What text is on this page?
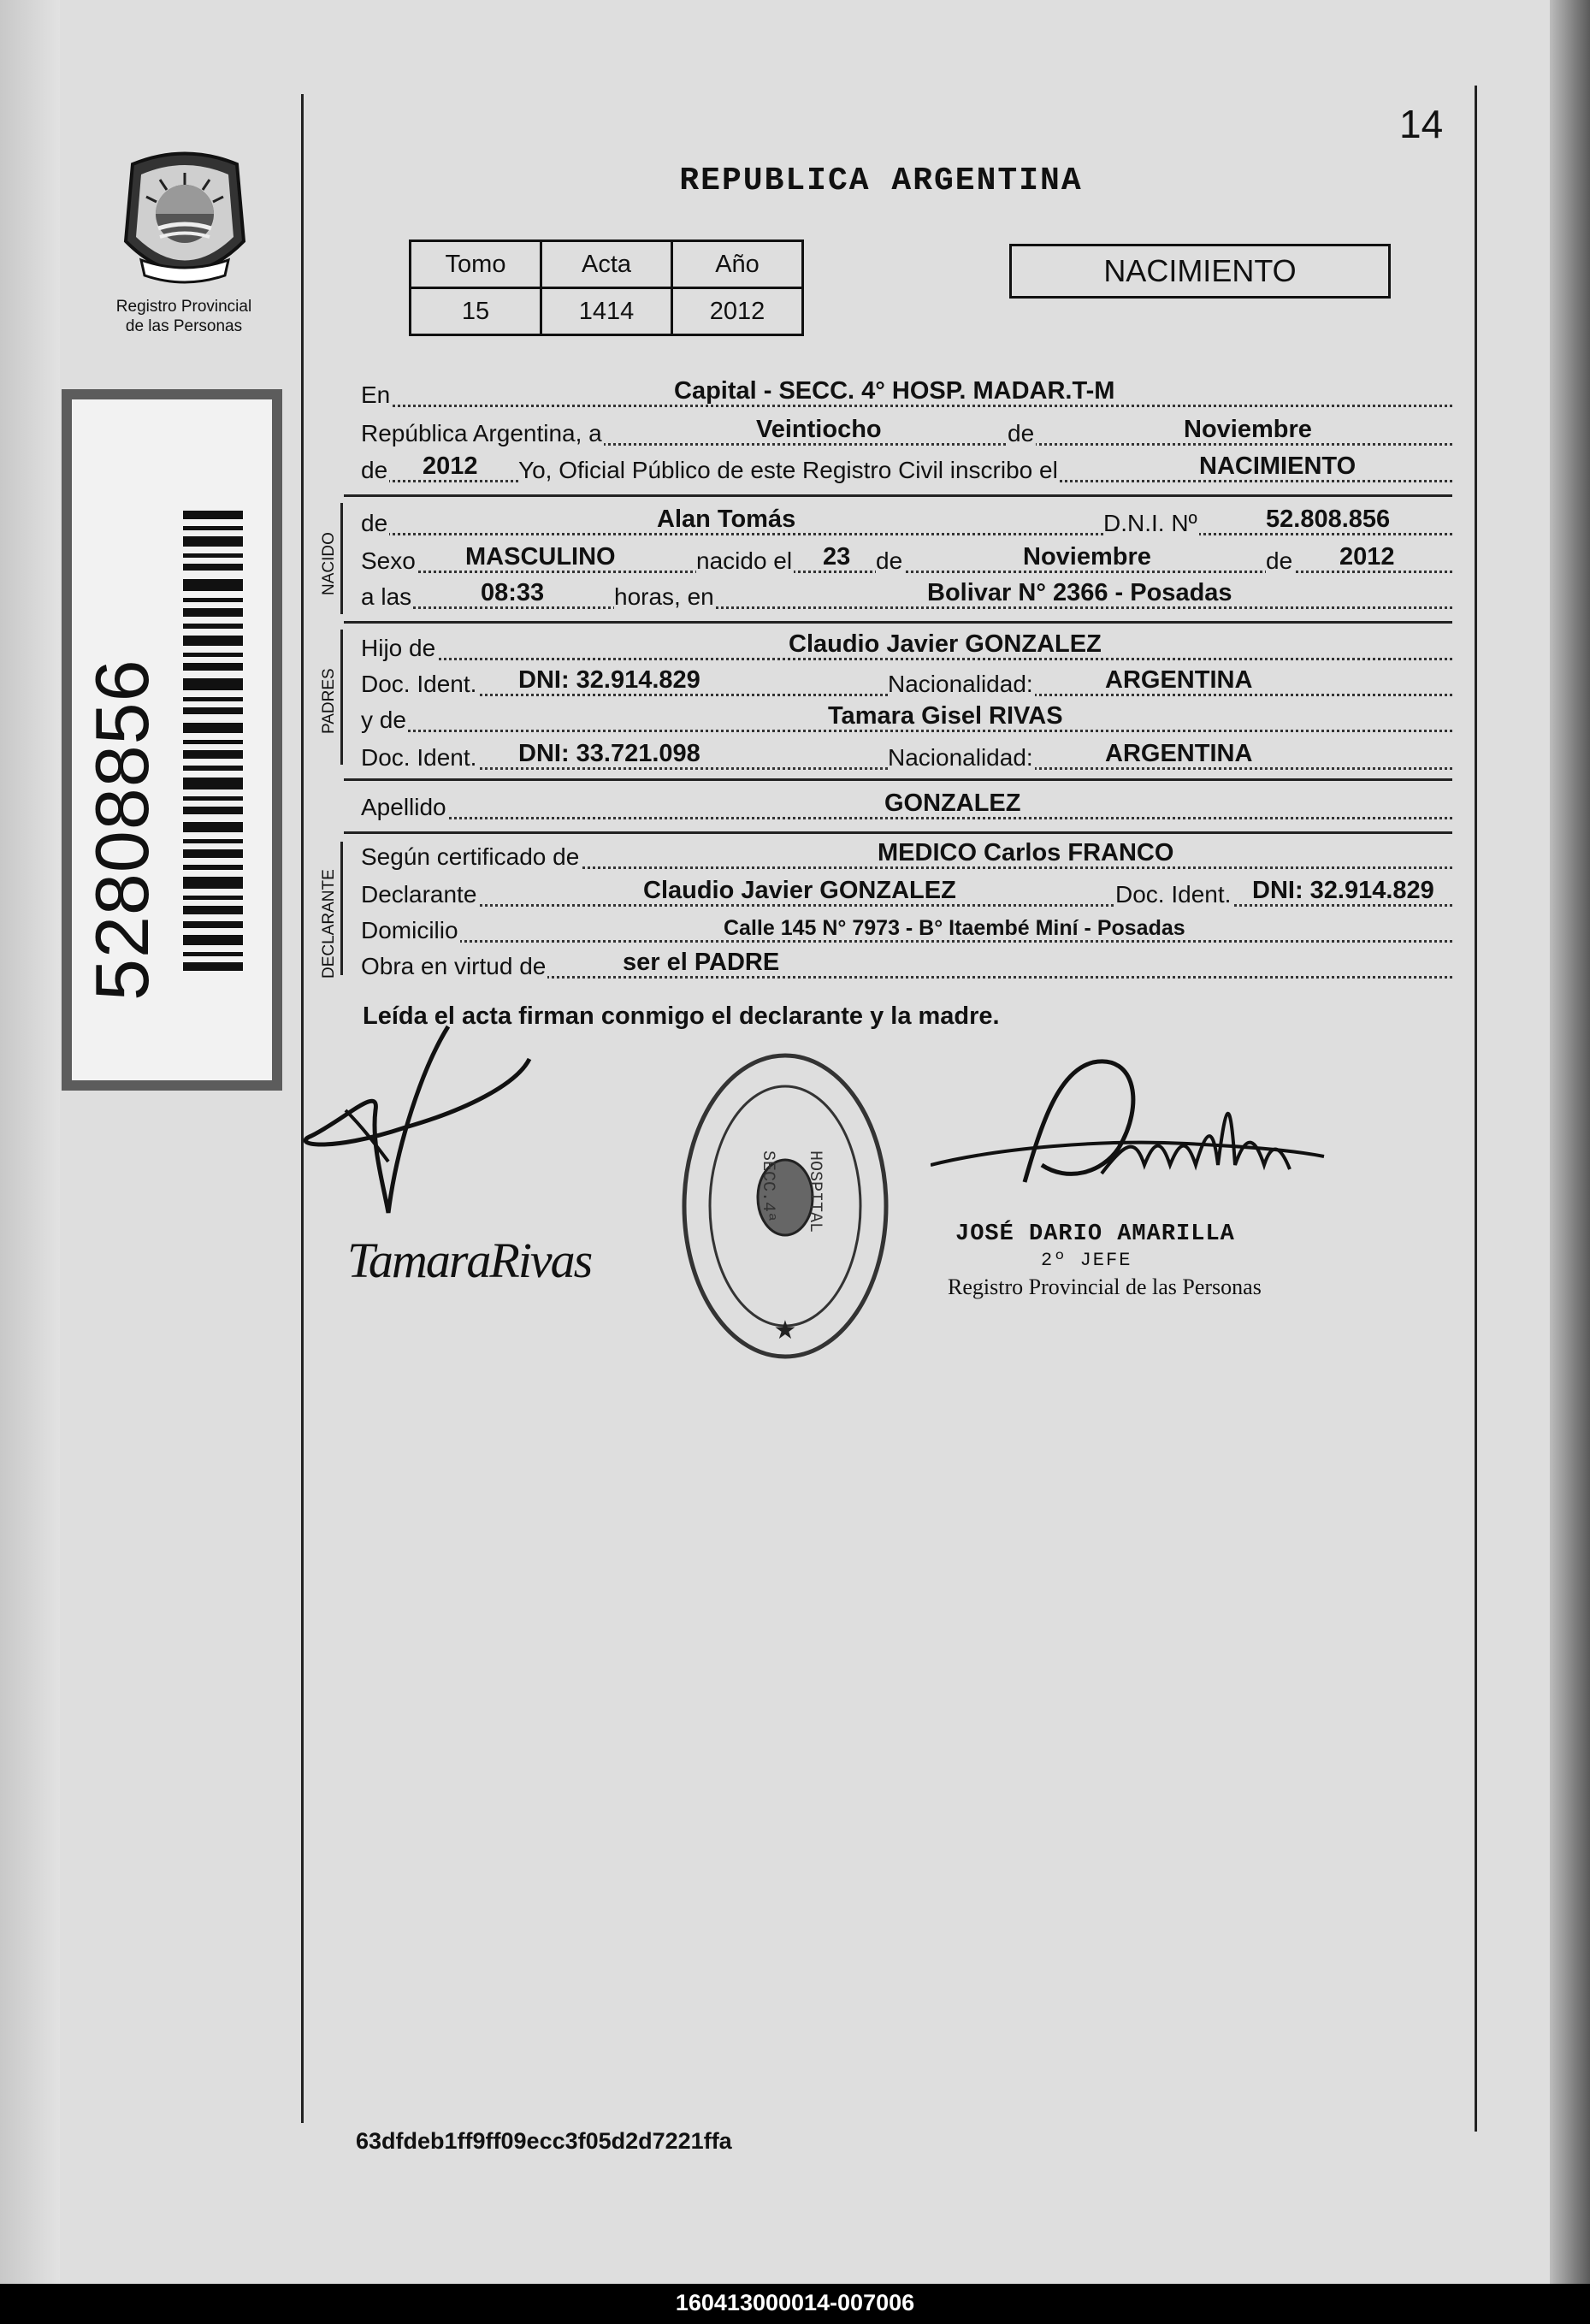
14
Registro Provincial
de las Personas
52808856
REPUBLICA ARGENTINA
Tomo	Acta	Año
15	1414	2012
NACIMIENTO
En	Capital - SECC. 4° HOSP. MADAR.T-M
República Argentina, a	Veintiocho	de	Noviembre
de 2012 Yo, Oficial Público de este Registro Civil inscribo el	NACIMIENTO
NACIDO
de	Alan Tomás	D.N.I. Nº	52.808.856
Sexo MASCULINO	nacido el 23 de	Noviembre	de 2012
a las	08:33	horas, en	Bolivar N° 2366 - Posadas
PADRES
Hijo de	Claudio Javier GONZALEZ
Doc. Ident. DNI: 32.914.829	Nacionalidad:	ARGENTINA
y de	Tamara Gisel RIVAS
Doc. Ident. DNI: 33.721.098	Nacionalidad:	ARGENTINA
Apellido	GONZALEZ
DECLARANTE
Según certificado de	MEDICO Carlos FRANCO
Declarante	Claudio Javier GONZALEZ	Doc. Ident. DNI: 32.914.829
Domicilio	Calle 145 N° 7973 - B° Itaembé Miní - Posadas
Obra en virtud de	ser el PADRE
Leída el acta firman conmigo el declarante y la madre.
TamaraRivas
★
SECC.4ª HOSPITAL
JOSÉ DARIO AMARILLA
2º JEFE
Registro Provincial de las Personas
63dfdeb1ff9ff09ecc3f05d2d7221ffa
160413000014-007006
